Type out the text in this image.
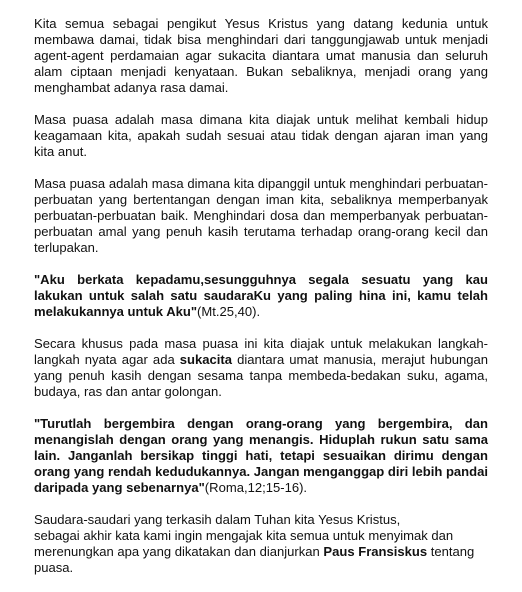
Kita semua sebagai pengikut Yesus Kristus yang datang kedunia untuk membawa damai, tidak bisa menghindari dari tanggungjawab untuk menjadi agent-agent perdamaian agar sukacita diantara umat manusia dan seluruh alam ciptaan menjadi kenyataan. Bukan sebaliknya, menjadi orang yang menghambat adanya rasa damai.

Masa puasa adalah masa dimana kita diajak untuk melihat kembali hidup keagamaan kita, apakah sudah sesuai atau tidak dengan ajaran iman yang kita anut.

Masa puasa adalah masa dimana kita dipanggil untuk menghindari perbuatan-perbuatan yang bertentangan dengan iman kita, sebaliknya memperbanyak perbuatan-perbuatan baik. Menghindari dosa dan memperbanyak perbuatan-perbuatan amal yang penuh kasih terutama terhadap orang-orang kecil dan terlupakan.

"Aku berkata kepadamu,sesungguhnya segala sesuatu yang kau lakukan untuk salah satu saudaraKu yang paling hina ini, kamu telah melakukannya untuk Aku"(Mt.25,40).

Secara khusus pada masa puasa ini kita diajak untuk melakukan langkah-langkah nyata agar ada sukacita diantara umat manusia, merajut hubungan yang penuh kasih dengan sesama tanpa membeda-bedakan suku, agama, budaya, ras dan antar golongan.

"Turutlah bergembira dengan orang-orang yang bergembira, dan menangislah dengan orang yang menangis. Hiduplah rukun satu sama lain. Janganlah bersikap tinggi hati, tetapi sesuaikan dirimu dengan orang yang rendah kedudukannya. Jangan menganggap diri lebih pandai daripada yang sebenarnya"(Roma,12;15-16).

Saudara-saudari yang terkasih dalam Tuhan kita Yesus Kristus,
sebagai akhir kata kami ingin mengajak kita semua untuk menyimak dan merenungkan apa yang dikatakan dan dianjurkan Paus Fransiskus tentang puasa.
